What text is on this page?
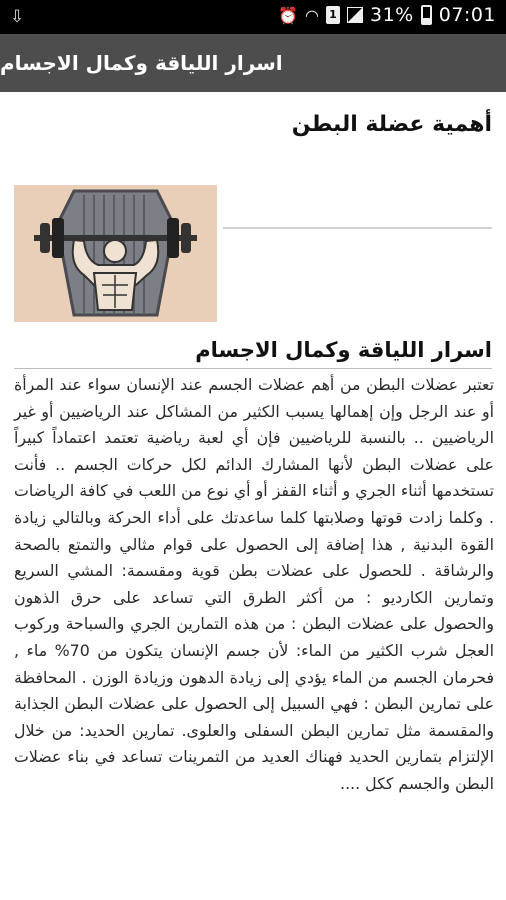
⇩	⏰ ◠ 1 31% 07:01
اسرار اللياقة وكمال الاجسام
أهمية عضلة البطن
اسرار اللياقة وكمال الاجسام

تعتبر عضلات البطن من أهم عضلات الجسم عند الإنسان سواء عند المرأة أو عند الرجل وإن إهمالها يسبب الكثير من المشاكل عند الرياضيين أو غير الرياضيين .. بالنسبة للرياضيين فإن أي لعبة رياضية تعتمد اعتماداً كبيراً على عضلات البطن لأنها المشارك الدائم لكل حركات الجسم .. فأنت تستخدمها أثناء الجري و أثناء القفز أو أي نوع من اللعب في كافة الرياضات . وكلما زادت قوتها وصلابتها كلما ساعدتك على أداء الحركة وبالتالي زيادة القوة البدنية , هذا إضافة إلى الحصول على قوام مثالي والتمتع بالصحة والرشاقة . للحصول على عضلات بطن قوية ومقسمة: المشي السريع وتمارين الكارديو : من أكثر الطرق التي تساعد على حرق الذهون والحصول على عضلات البطن : من هذه التمارين الجري والسباحة وركوب العجل شرب الكثير من الماء: لأن جسم الإنسان يتكون من 70% ماء , فحرمان الجسم من الماء يؤدي إلى زيادة الدهون وزيادة الوزن . المحافظة على تمارين البطن : فهي السبيل إلى الحصول على عضلات البطن الجذابة والمقسمة مثل تمارين البطن السفلى والعلوى. تمارين الحديد: من خلال الإلتزام بتمارين الحديد فهناك العديد من التمرينات تساعد في بناء عضلات البطن والجسم ككل ....
